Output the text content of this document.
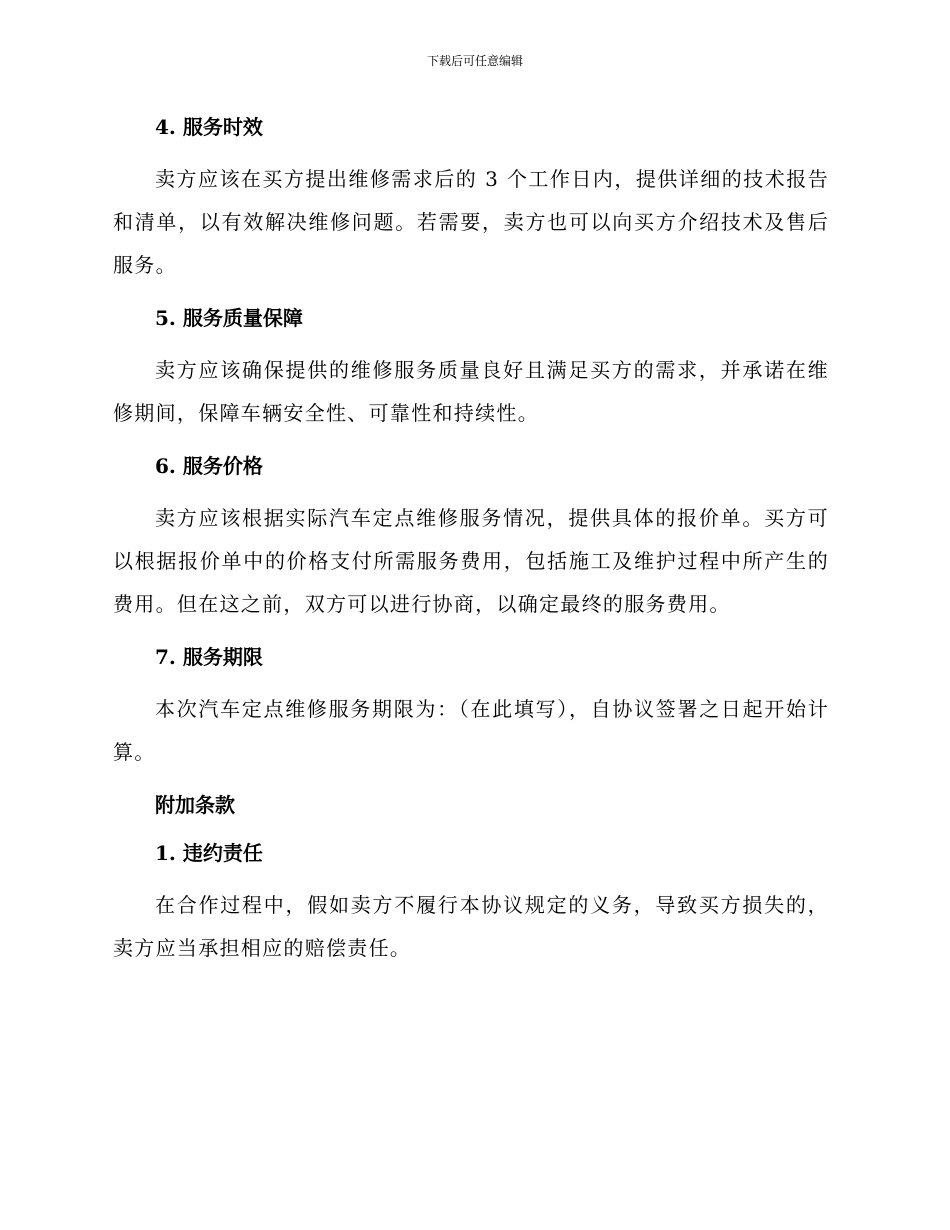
下载后可任意编辑
4. 服务时效
卖方应该在买方提出维修需求后的 3 个工作日内，提供详细的技术报告和清单，以有效解决维修问题。若需要，卖方也可以向买方介绍技术及售后服务。
5. 服务质量保障
卖方应该确保提供的维修服务质量良好且满足买方的需求，并承诺在维修期间，保障车辆安全性、可靠性和持续性。
6. 服务价格
卖方应该根据实际汽车定点维修服务情况，提供具体的报价单。买方可以根据报价单中的价格支付所需服务费用，包括施工及维护过程中所产生的费用。但在这之前，双方可以进行协商，以确定最终的服务费用。
7. 服务期限
本次汽车定点维修服务期限为：（在此填写），自协议签署之日起开始计算。
附加条款
1. 违约责任
在合作过程中，假如卖方不履行本协议规定的义务，导致买方损失的，卖方应当承担相应的赔偿责任。
